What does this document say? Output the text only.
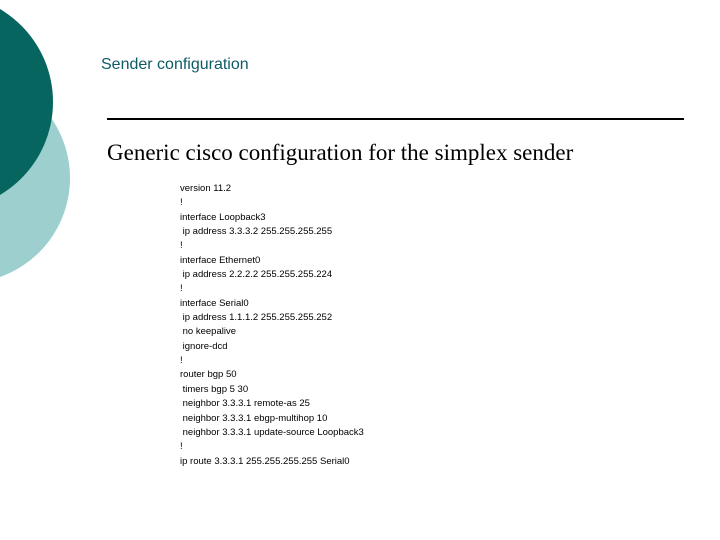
Sender configuration
Generic cisco configuration for the simplex sender
version 11.2
!
interface Loopback3
ip address 3.3.3.2 255.255.255.255
!
interface Ethernet0
ip address 2.2.2.2 255.255.255.224
!
interface Serial0
ip address 1.1.1.2 255.255.255.252
no keepalive
ignore-dcd
!
router bgp 50
timers bgp 5 30
neighbor 3.3.3.1 remote-as 25
neighbor 3.3.3.1 ebgp-multihop 10
neighbor 3.3.3.1 update-source Loopback3
!
ip route 3.3.3.1 255.255.255.255 Serial0
